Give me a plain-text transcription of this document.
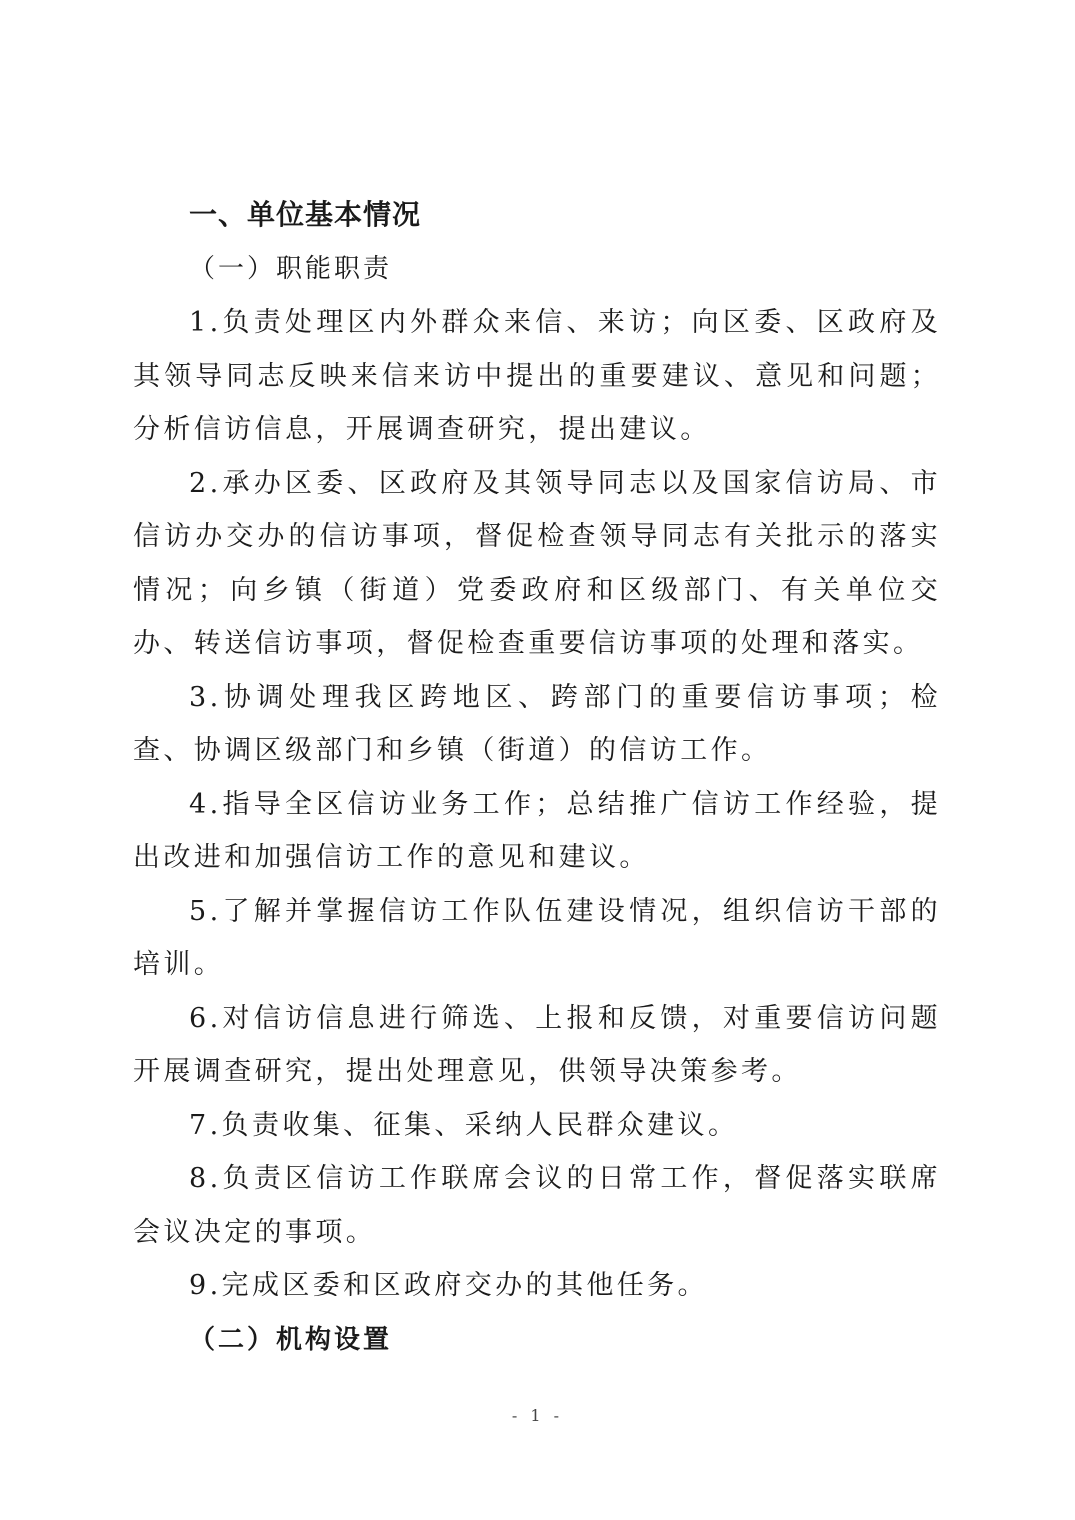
一、单位基本情况

（一）职能职责

1.负责处理区内外群众来信、来访；向区委、区政府及其领导同志反映来信来访中提出的重要建议、意见和问题；分析信访信息，开展调查研究，提出建议。

2.承办区委、区政府及其领导同志以及国家信访局、市信访办交办的信访事项，督促检查领导同志有关批示的落实情况；向乡镇（街道）党委政府和区级部门、有关单位交办、转送信访事项，督促检查重要信访事项的处理和落实。

3.协调处理我区跨地区、跨部门的重要信访事项；检查、协调区级部门和乡镇（街道）的信访工作。

4.指导全区信访业务工作；总结推广信访工作经验，提出改进和加强信访工作的意见和建议。

5.了解并掌握信访工作队伍建设情况，组织信访干部的培训。

6.对信访信息进行筛选、上报和反馈，对重要信访问题开展调查研究，提出处理意见，供领导决策参考。

7.负责收集、征集、采纳人民群众建议。

8.负责区信访工作联席会议的日常工作，督促落实联席会议决定的事项。

9.完成区委和区政府交办的其他任务。

（二）机构设置

- 1 -
